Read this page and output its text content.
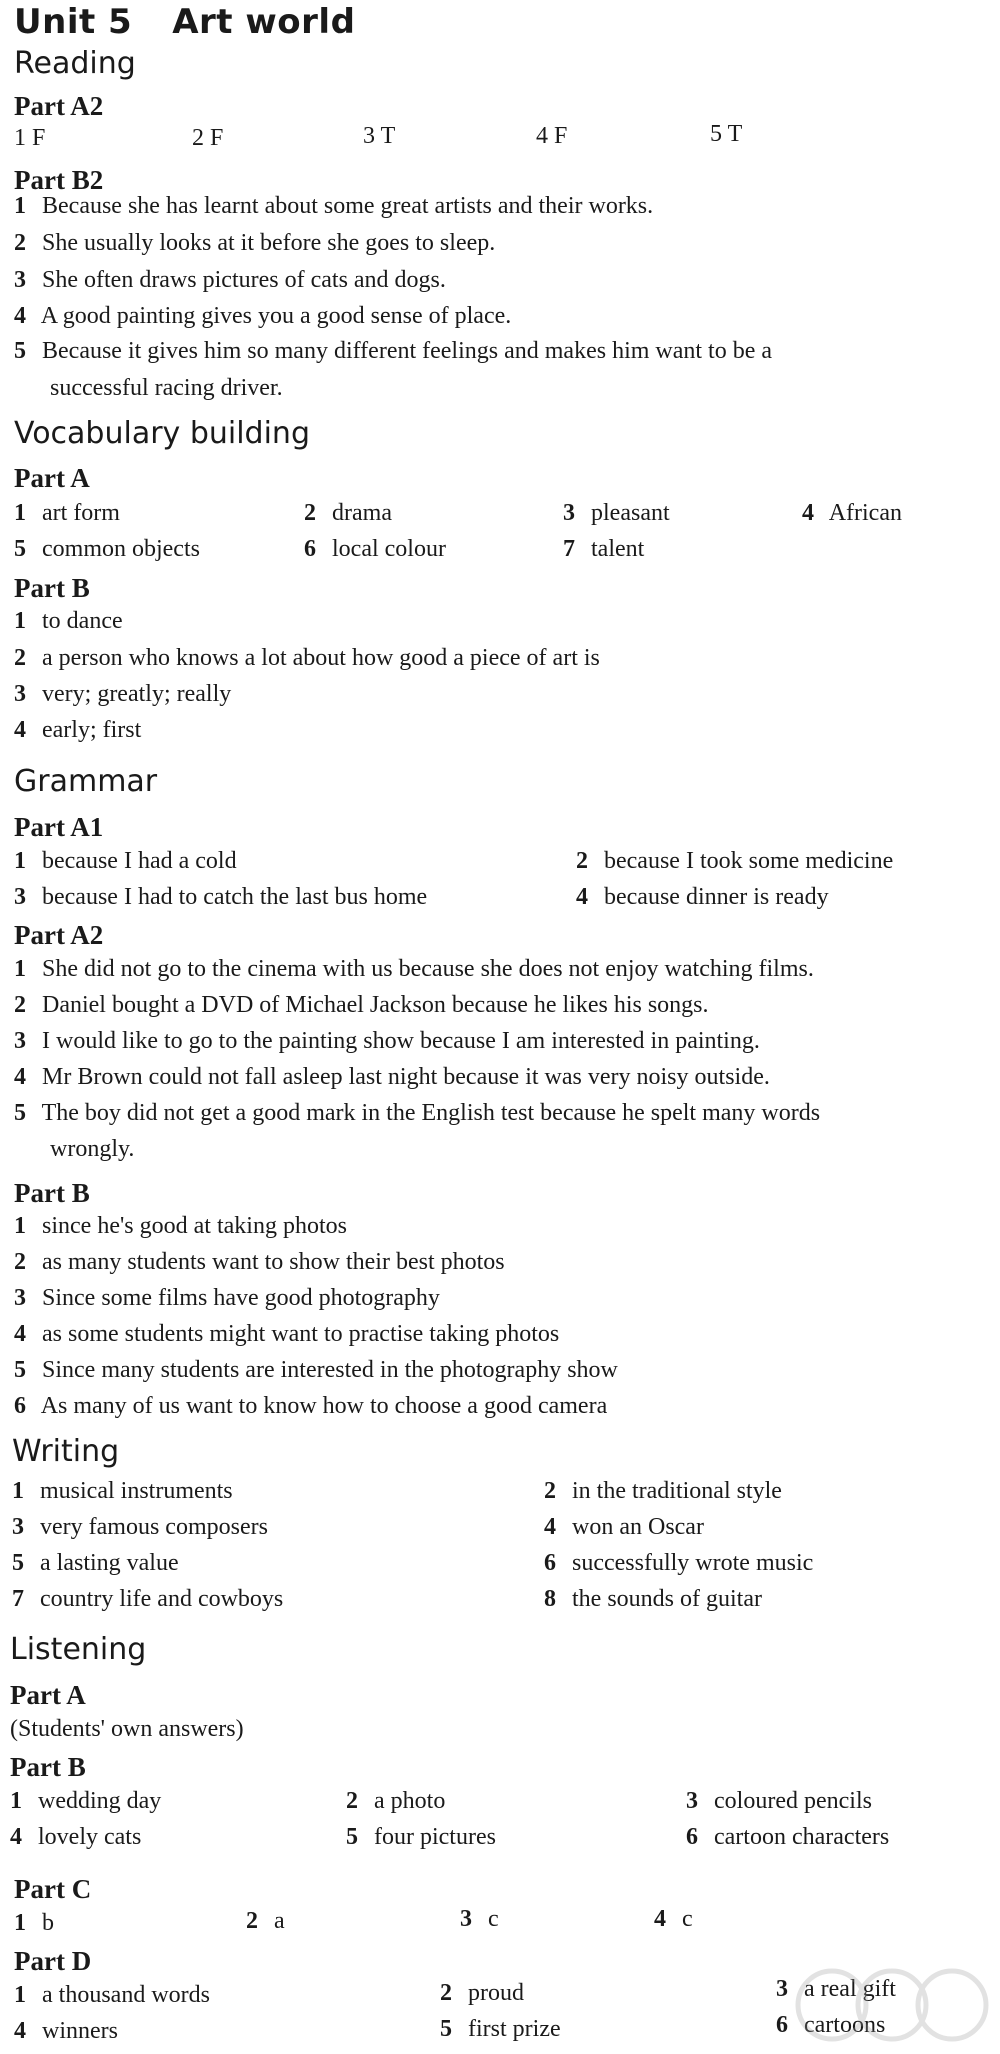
Unit 5 Art world
Reading
Part A2
1 F	2 F	3 T	4 F	5 T
Part B2
1 Because she has learnt about some great artists and their works.
2 She usually looks at it before she goes to sleep.
3 She often draws pictures of cats and dogs.
4 A good painting gives you a good sense of place.
5 Because it gives him so many different feelings and makes him want to be a
successful racing driver.
Vocabulary building
Part A
1 art form	2 drama	3 pleasant	4 African
5 common objects	6 local colour	7 talent
Part B
1 to dance
2 a person who knows a lot about how good a piece of art is
3 very; greatly; really
4 early; first
Grammar
Part A1
1 because I had a cold	2 because I took some medicine
3 because I had to catch the last bus home	4 because dinner is ready
Part A2
1 She did not go to the cinema with us because she does not enjoy watching films.
2 Daniel bought a DVD of Michael Jackson because he likes his songs.
3 I would like to go to the painting show because I am interested in painting.
4 Mr Brown could not fall asleep last night because it was very noisy outside.
5 The boy did not get a good mark in the English test because he spelt many words
wrongly.
Part B
1 since he's good at taking photos
2 as many students want to show their best photos
3 Since some films have good photography
4 as some students might want to practise taking photos
5 Since many students are interested in the photography show
6 As many of us want to know how to choose a good camera
Writing
1 musical instruments	2 in the traditional style
3 very famous composers	4 won an Oscar
5 a lasting value	6 successfully wrote music
7 country life and cowboys	8 the sounds of guitar
Listening
Part A
(Students' own answers)
Part B
1 wedding day	2 a photo	3 coloured pencils
4 lovely cats	5 four pictures	6 cartoon characters
Part C
1 b	2 a	3 c	4 c
Part D
1 a thousand words	2 proud	3 a real gift
4 winners	5 first prize	6 cartoons
